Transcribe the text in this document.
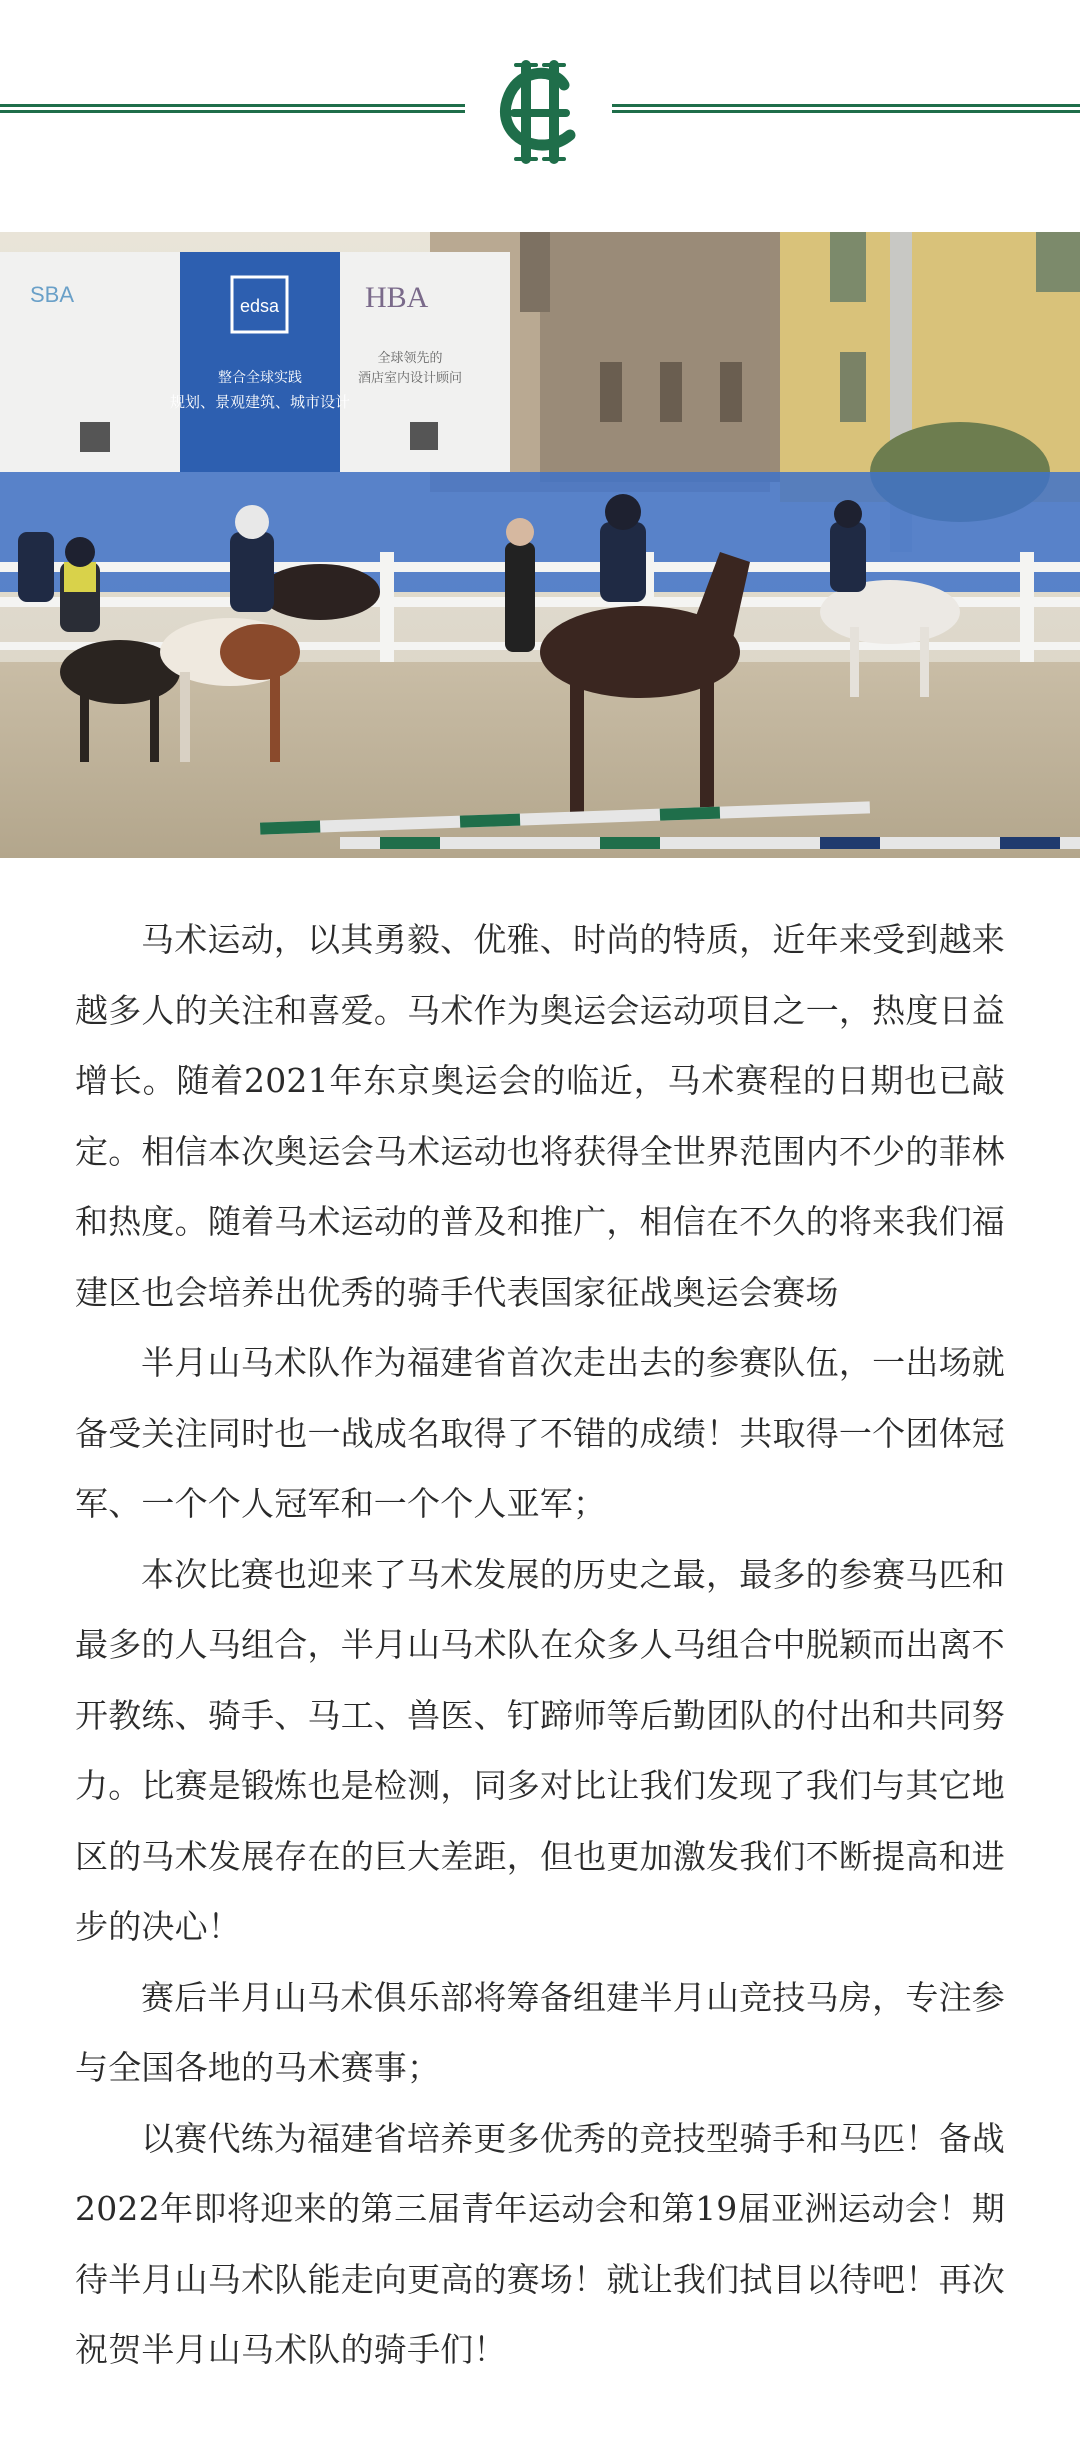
SBA	edsa
整合全球实践
规划、景观建筑、城市设计
HBA
全球领先的
酒店室内设计顾问

马术运动，以其勇毅、优雅、时尚的特质，近年来受到越来越多人的关注和喜爱。马术作为奥运会运动项目之一，热度日益增长。随着2021年东京奥运会的临近，马术赛程的日期也已敲定。相信本次奥运会马术运动也将获得全世界范围内不少的菲林和热度。随着马术运动的普及和推广，相信在不久的将来我们福建区也会培养出优秀的骑手代表国家征战奥运会赛场

半月山马术队作为福建省首次走出去的参赛队伍，一出场就备受关注同时也一战成名取得了不错的成绩！共取得一个团体冠军、一个个人冠军和一个个人亚军；

本次比赛也迎来了马术发展的历史之最，最多的参赛马匹和最多的人马组合，半月山马术队在众多人马组合中脱颖而出离不开教练、骑手、马工、兽医、钉蹄师等后勤团队的付出和共同努力。比赛是锻炼也是检测，同多对比让我们发现了我们与其它地区的马术发展存在的巨大差距，但也更加激发我们不断提高和进步的决心！

赛后半月山马术俱乐部将筹备组建半月山竞技马房，专注参与全国各地的马术赛事；

以赛代练为福建省培养更多优秀的竞技型骑手和马匹！备战2022年即将迎来的第三届青年运动会和第19届亚洲运动会！期待半月山马术队能走向更高的赛场！就让我们拭目以待吧！再次祝贺半月山马术队的骑手们！
